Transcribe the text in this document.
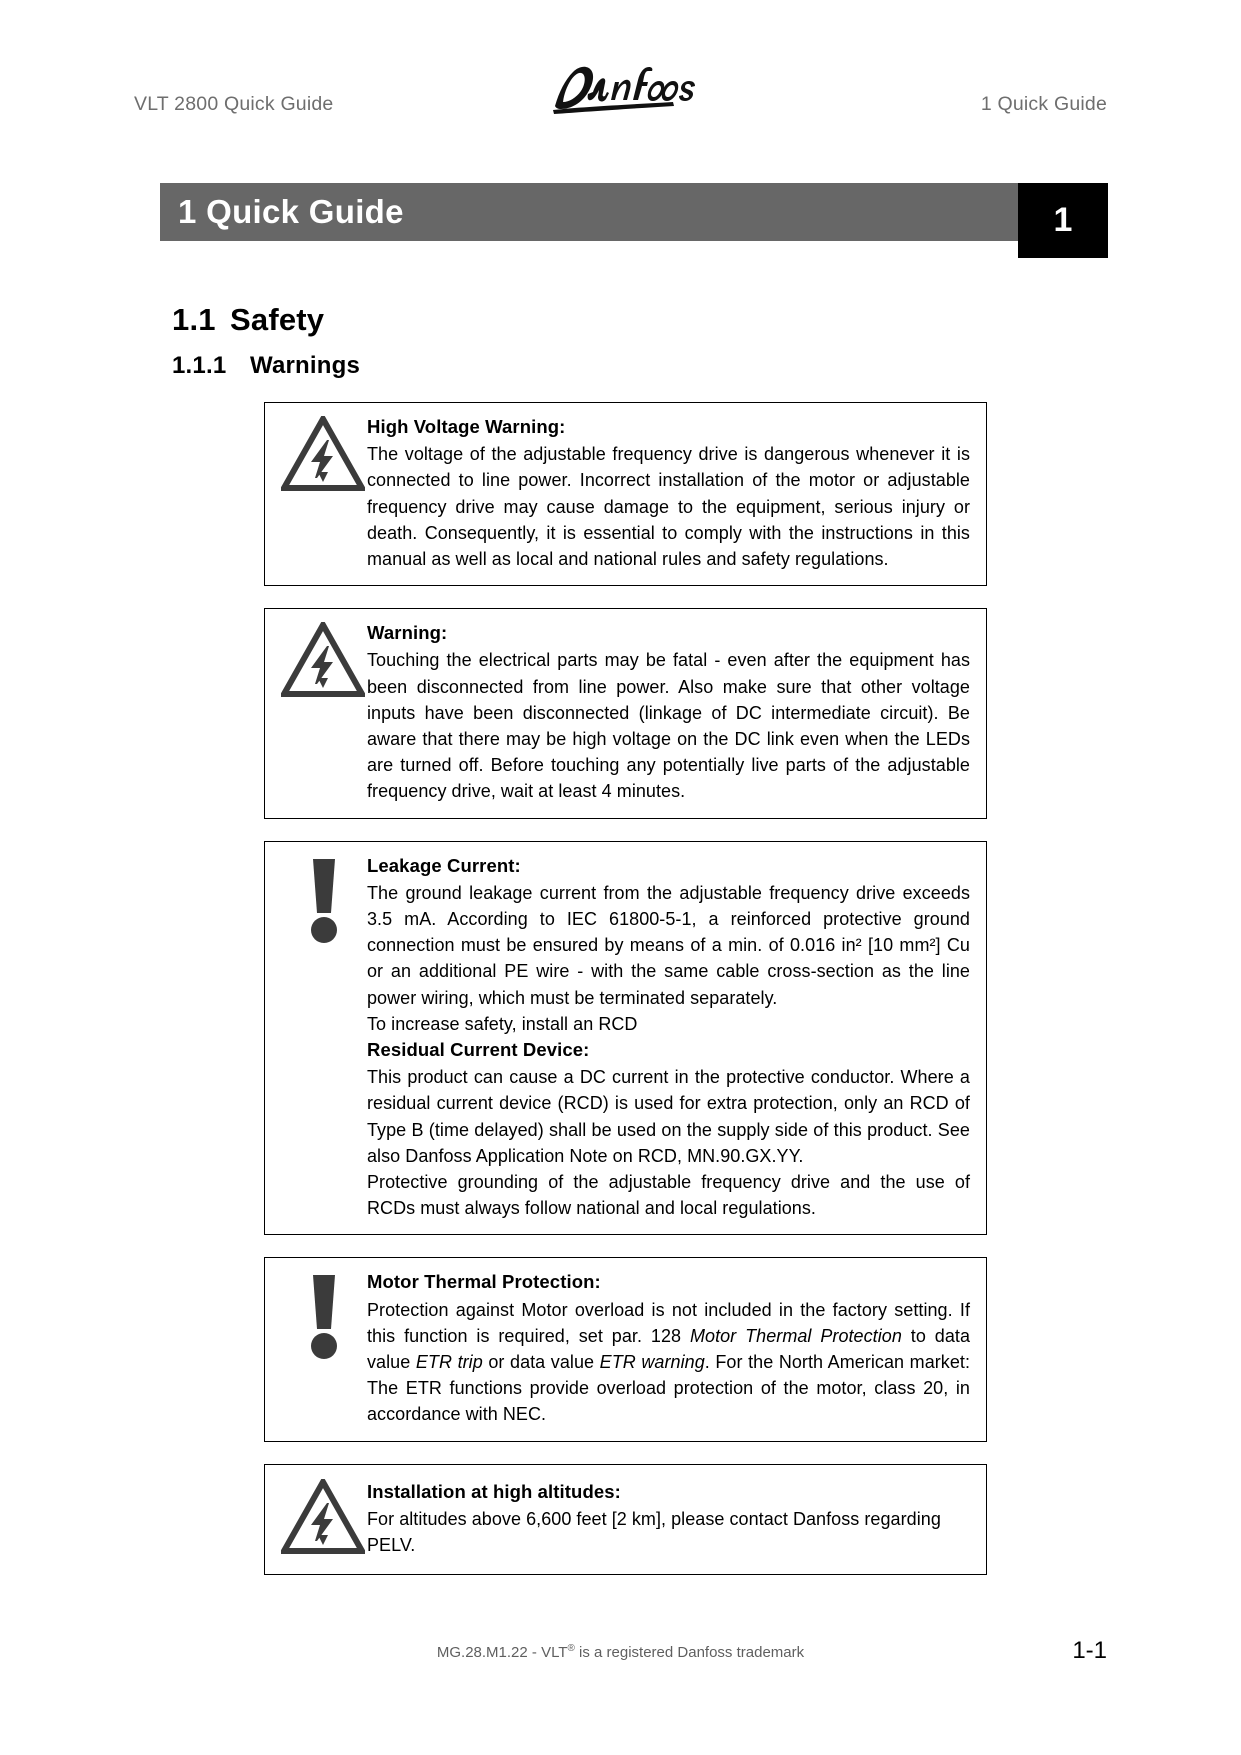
VLT 2800 Quick Guide	1 Quick Guide
1 Quick Guide	1
1.1 Safety
1.1.1 Warnings
High Voltage Warning:
The voltage of the adjustable frequency drive is dangerous whenever it is connected to line power. Incorrect installation of the motor or adjustable frequency drive may cause damage to the equipment, serious injury or death. Consequently, it is essential to comply with the instructions in this manual as well as local and national rules and safety regulations.
Warning:
Touching the electrical parts may be fatal - even after the equipment has been disconnected from line power. Also make sure that other voltage inputs have been disconnected (linkage of DC intermediate circuit). Be aware that there may be high voltage on the DC link even when the LEDs are turned off. Before touching any potentially live parts of the adjustable frequency drive, wait at least 4 minutes.
Leakage Current:
The ground leakage current from the adjustable frequency drive exceeds 3.5 mA. According to IEC 61800-5-1, a reinforced protective ground connection must be ensured by means of a min. of 0.016 in² [10 mm²] Cu or an additional PE wire - with the same cable cross-section as the line power wiring, which must be terminated separately.
To increase safety, install an RCD
Residual Current Device:
This product can cause a DC current in the protective conductor. Where a residual current device (RCD) is used for extra protection, only an RCD of Type B (time delayed) shall be used on the supply side of this product. See also Danfoss Application Note on RCD, MN.90.GX.YY.
Protective grounding of the adjustable frequency drive and the use of RCDs must always follow national and local regulations.
Motor Thermal Protection:
Protection against Motor overload is not included in the factory setting. If this function is required, set par. 128 Motor Thermal Protection to data value ETR trip or data value ETR warning. For the North American market: The ETR functions provide overload protection of the motor, class 20, in accordance with NEC.
Installation at high altitudes:
For altitudes above 6,600 feet [2 km], please contact Danfoss regarding PELV.
MG.28.M1.22 - VLT® is a registered Danfoss trademark	1-1
